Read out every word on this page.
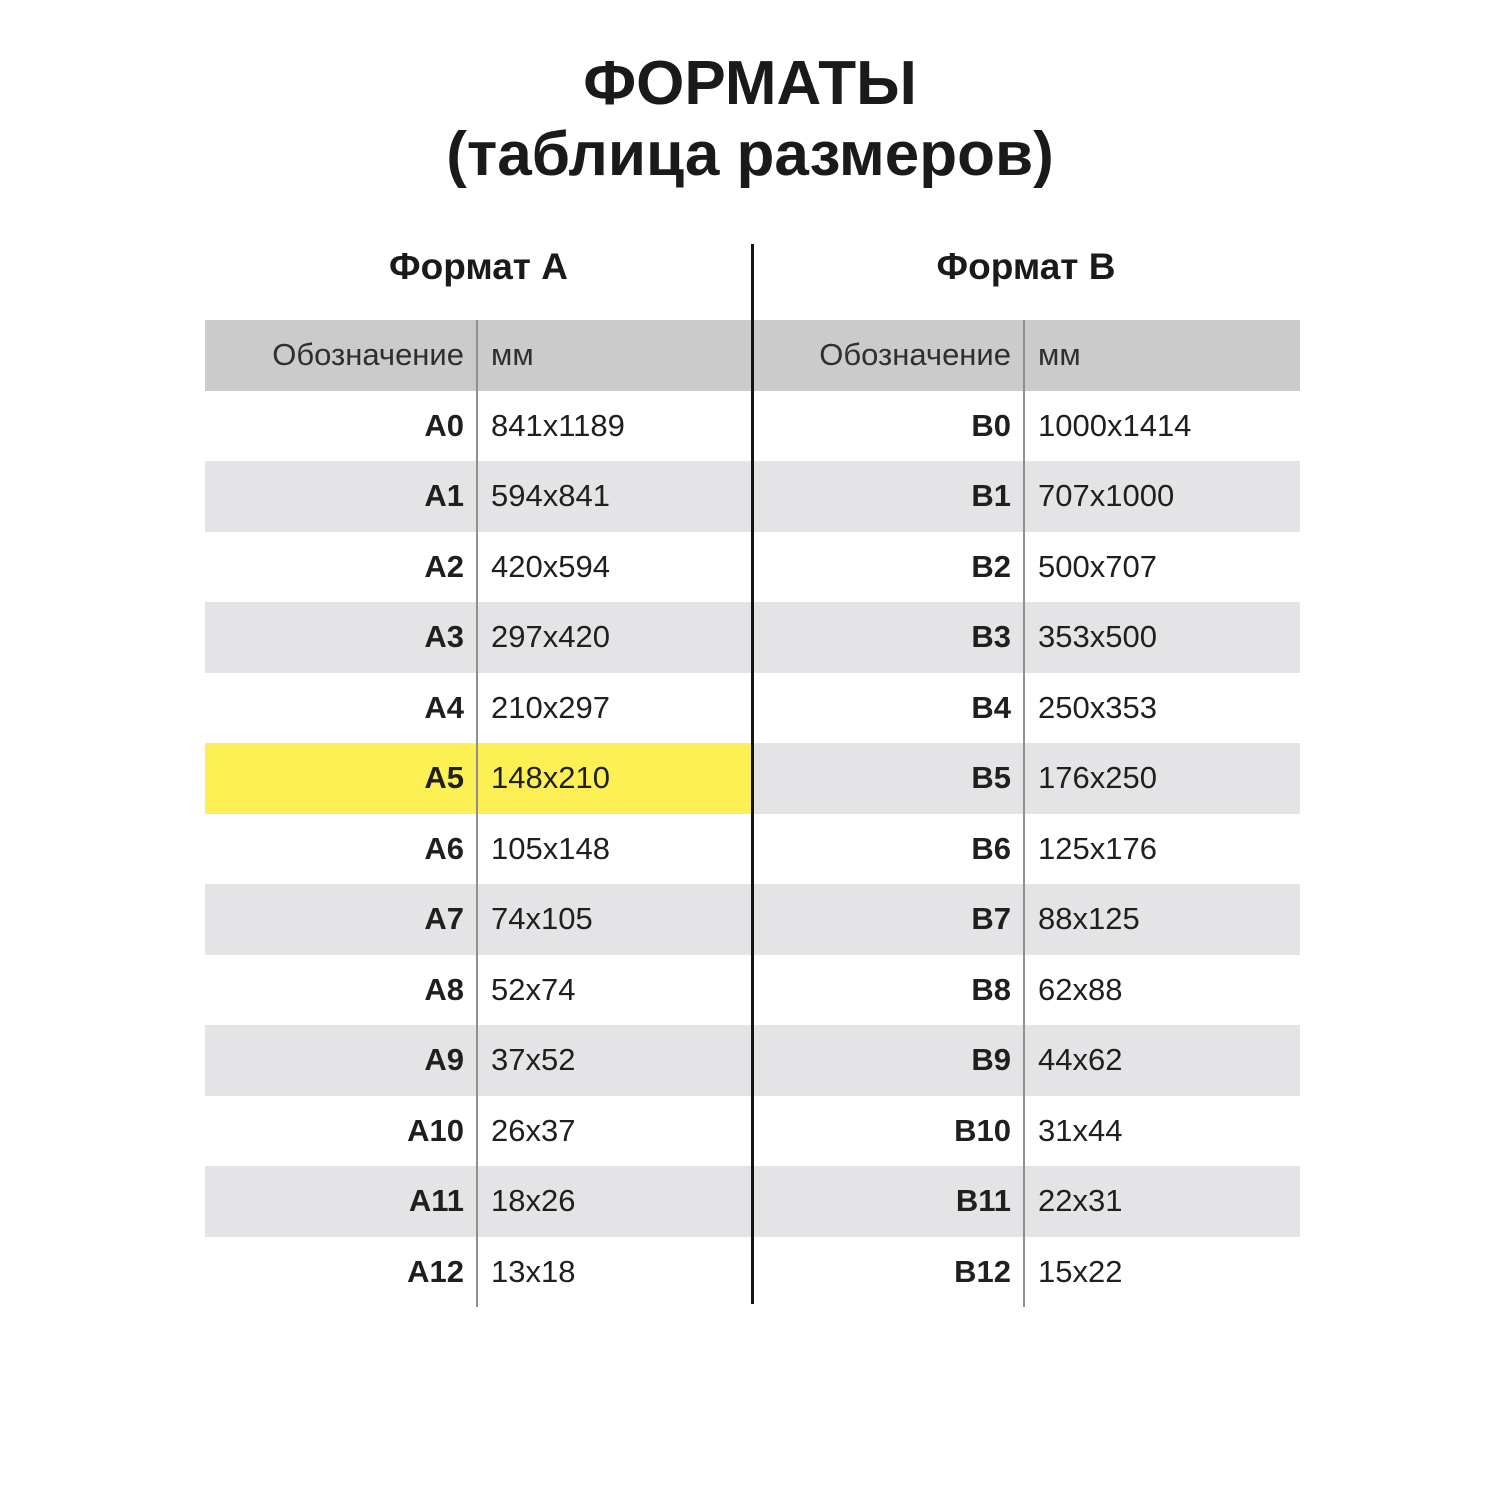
ФОРМАТЫ
(таблица размеров)
Формат А	Формат В
Обозначение мм
А0 841x1189
А1 594x841
А2 420x594
А3 297x420
А4 210x297
А5 148x210
А6 105x148
А7 74x105
А8 52x74
А9 37x52
А10 26x37
А11 18x26
А12 13x18
Обозначение мм
В0 1000x1414
В1 707x1000
В2 500x707
В3 353x500
В4 250x353
В5 176x250
В6 125x176
В7 88x125
В8 62x88
В9 44x62
В10 31x44
В11 22x31
В12 15x22
